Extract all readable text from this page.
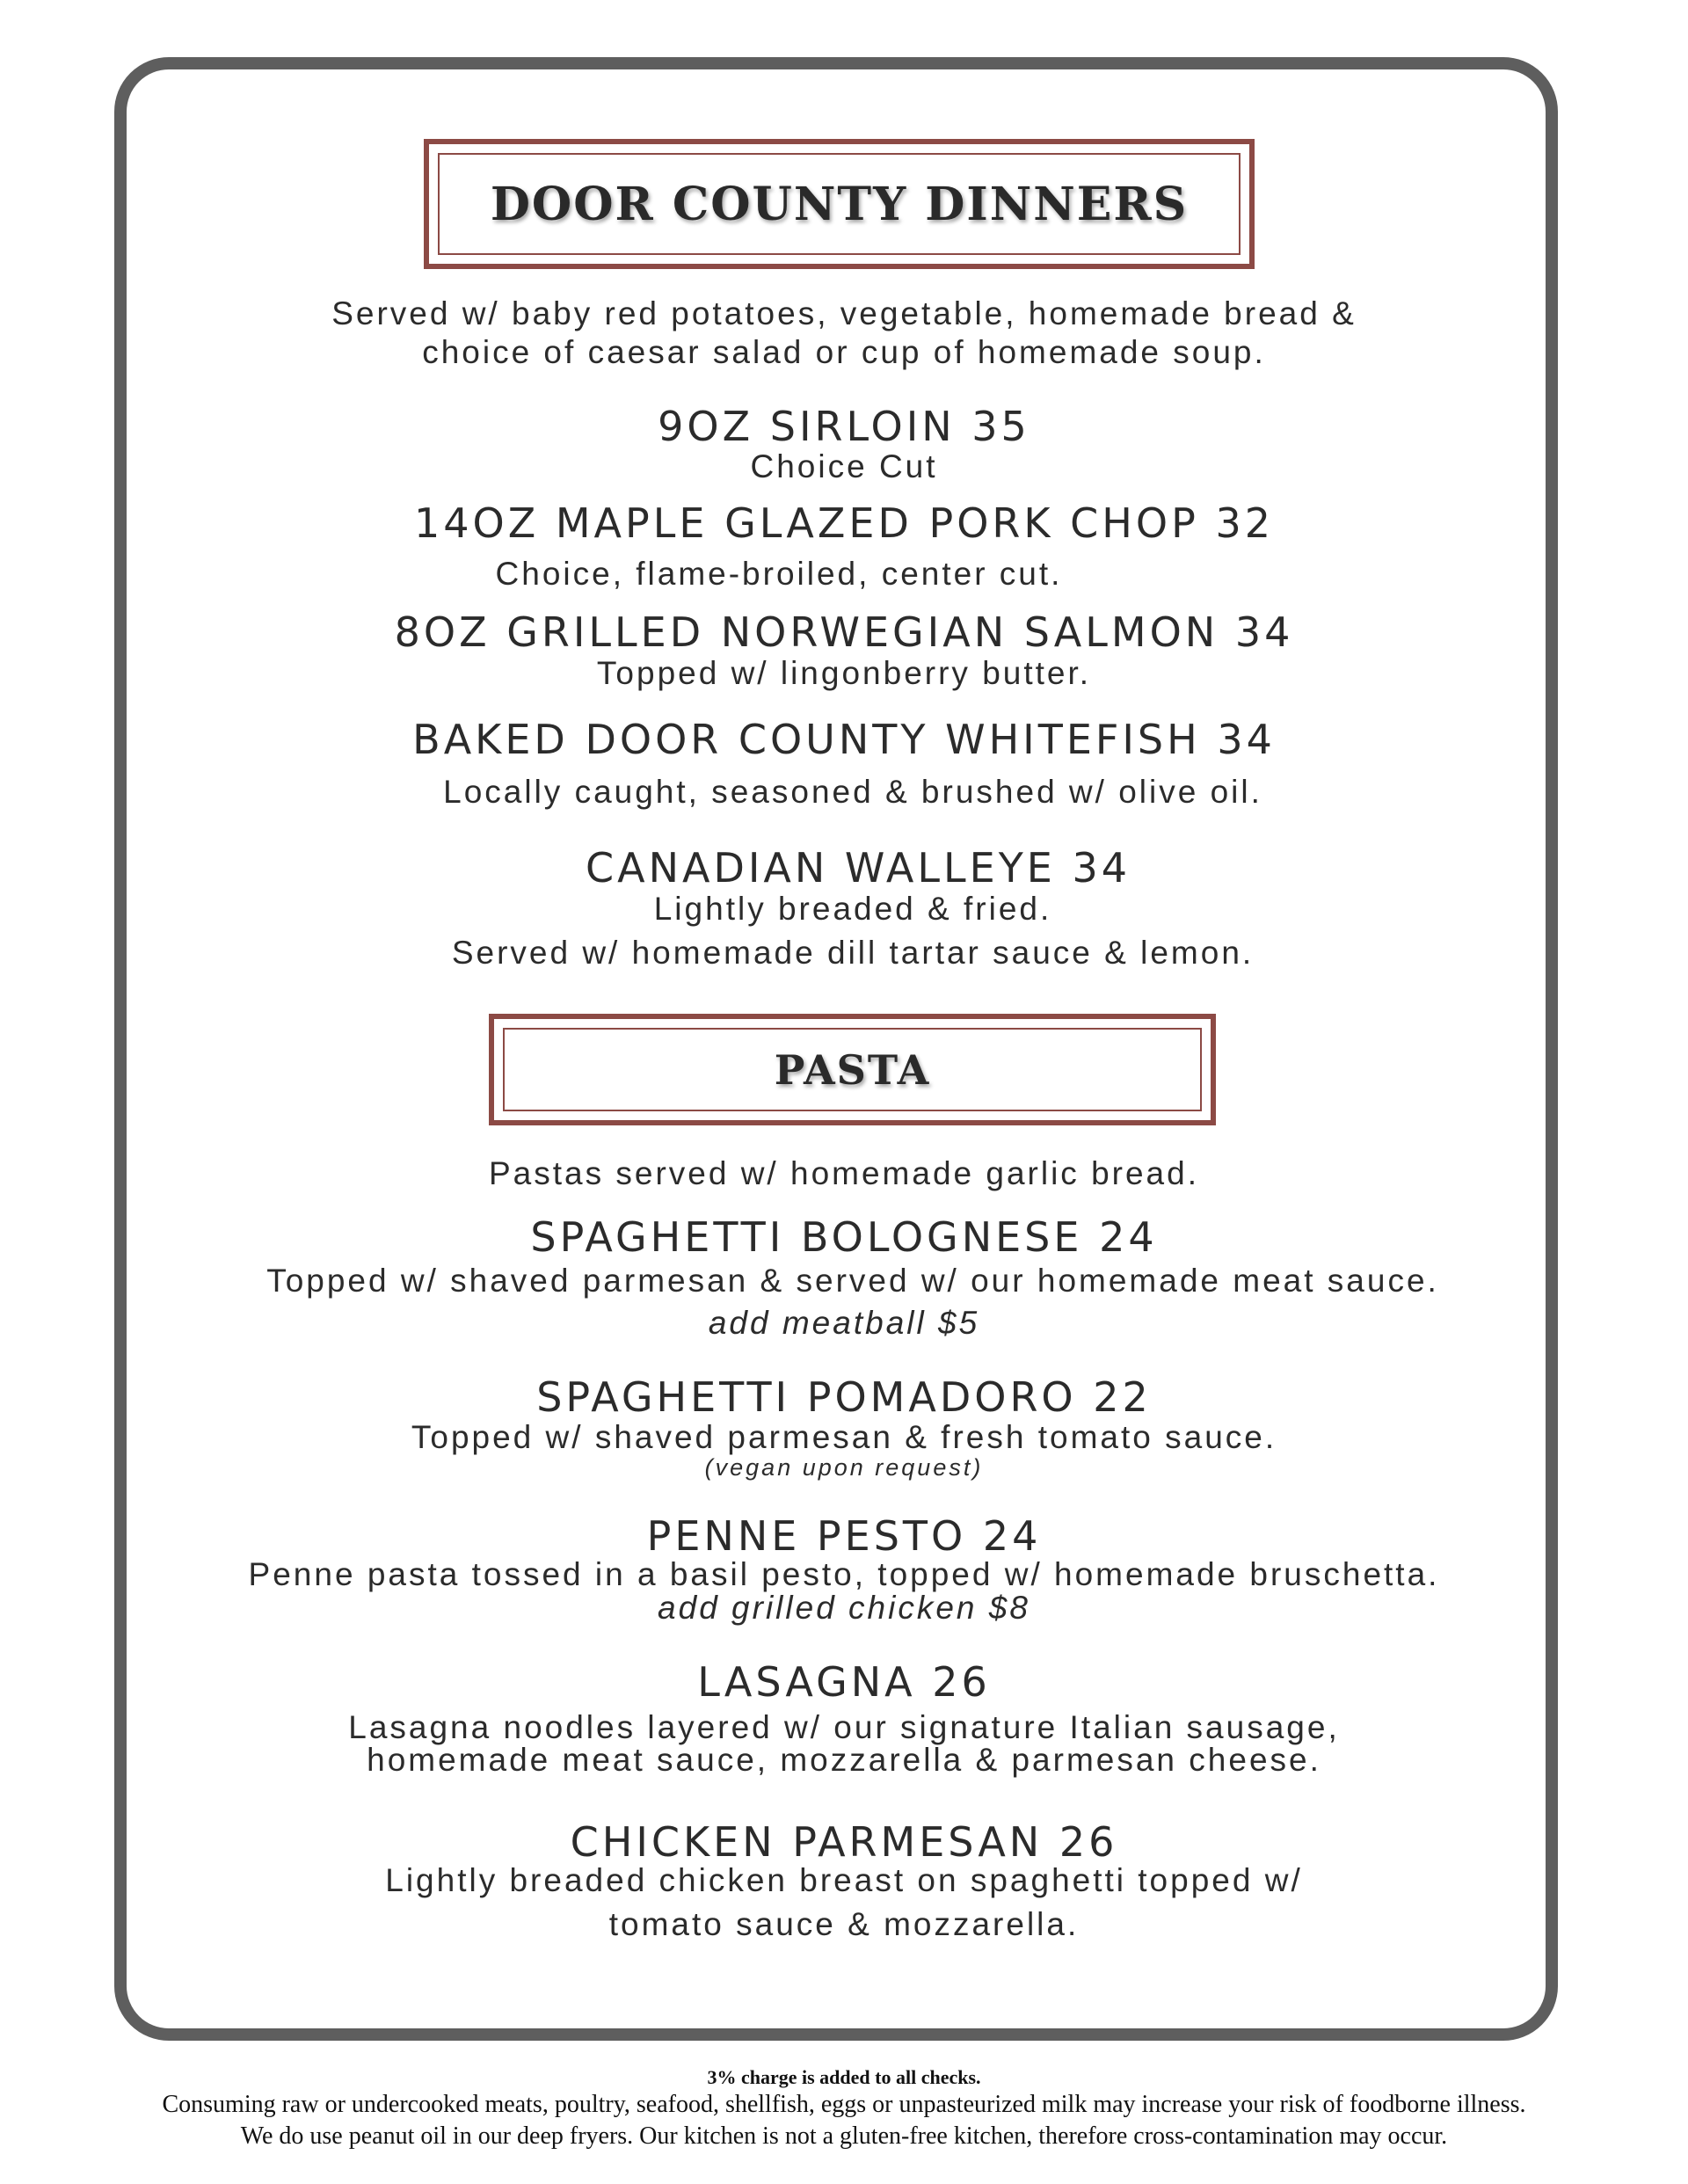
DOOR COUNTY DINNERS
Served w/ baby red potatoes, vegetable, homemade bread &
choice of caesar salad or cup of homemade soup.
9OZ SIRLOIN 35
Choice Cut
14OZ MAPLE GLAZED PORK CHOP 32
Choice, flame-broiled, center cut.
8OZ GRILLED NORWEGIAN SALMON 34
Topped w/ lingonberry butter.
BAKED DOOR COUNTY WHITEFISH 34
Locally caught, seasoned & brushed w/ olive oil.
CANADIAN WALLEYE 34
Lightly breaded & fried.
Served w/ homemade dill tartar sauce & lemon.
PASTA
Pastas served w/ homemade garlic bread.
SPAGHETTI BOLOGNESE 24
Topped w/ shaved parmesan & served w/ our homemade meat sauce.
add meatball $5
SPAGHETTI POMADORO 22
Topped w/ shaved parmesan & fresh tomato sauce.
(vegan upon request)
PENNE PESTO 24
Penne pasta tossed in a basil pesto, topped w/ homemade bruschetta.
add grilled chicken $8
LASAGNA 26
Lasagna noodles layered w/ our signature Italian sausage,
homemade meat sauce, mozzarella & parmesan cheese.
CHICKEN PARMESAN 26
Lightly breaded chicken breast on spaghetti topped w/
tomato sauce & mozzarella.
3% charge is added to all checks.
Consuming raw or undercooked meats, poultry, seafood, shellfish, eggs or unpasteurized milk may increase your risk of foodborne illness.
We do use peanut oil in our deep fryers. Our kitchen is not a gluten-free kitchen, therefore cross-contamination may occur.
